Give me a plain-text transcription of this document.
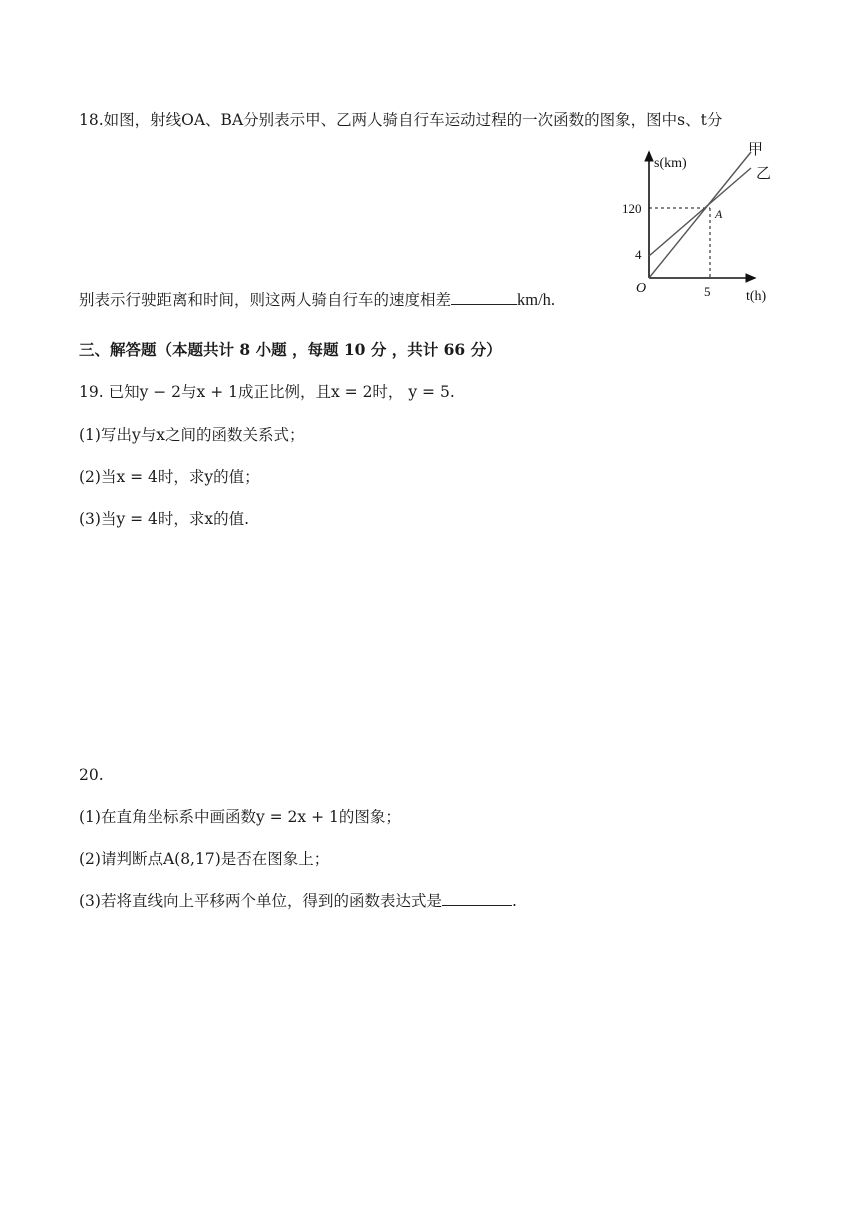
18.如图，射线OA、BA分别表示甲、乙两人骑自行车运动过程的一次函数的图象，图中s、t分
s(km)
t(h)
120
4
5
O
A
甲
乙
别表示行驶距离和时间，则这两人骑自行车的速度相差	km/h.
三、解答题（本题共计 8 小题 ，每题 10 分 ，共计 66 分）
19. 已知y − 2与x + 1成正比例，且x = 2时， y = 5.
(1)写出y与x之间的函数关系式；
(2)当x = 4时，求y的值；
(3)当y = 4时，求x的值.
20.
(1)在直角坐标系中画函数y = 2x + 1的图象；
(2)请判断点A(8,17)是否在图象上；
(3)若将直线向上平移两个单位，得到的函数表达式是	.
